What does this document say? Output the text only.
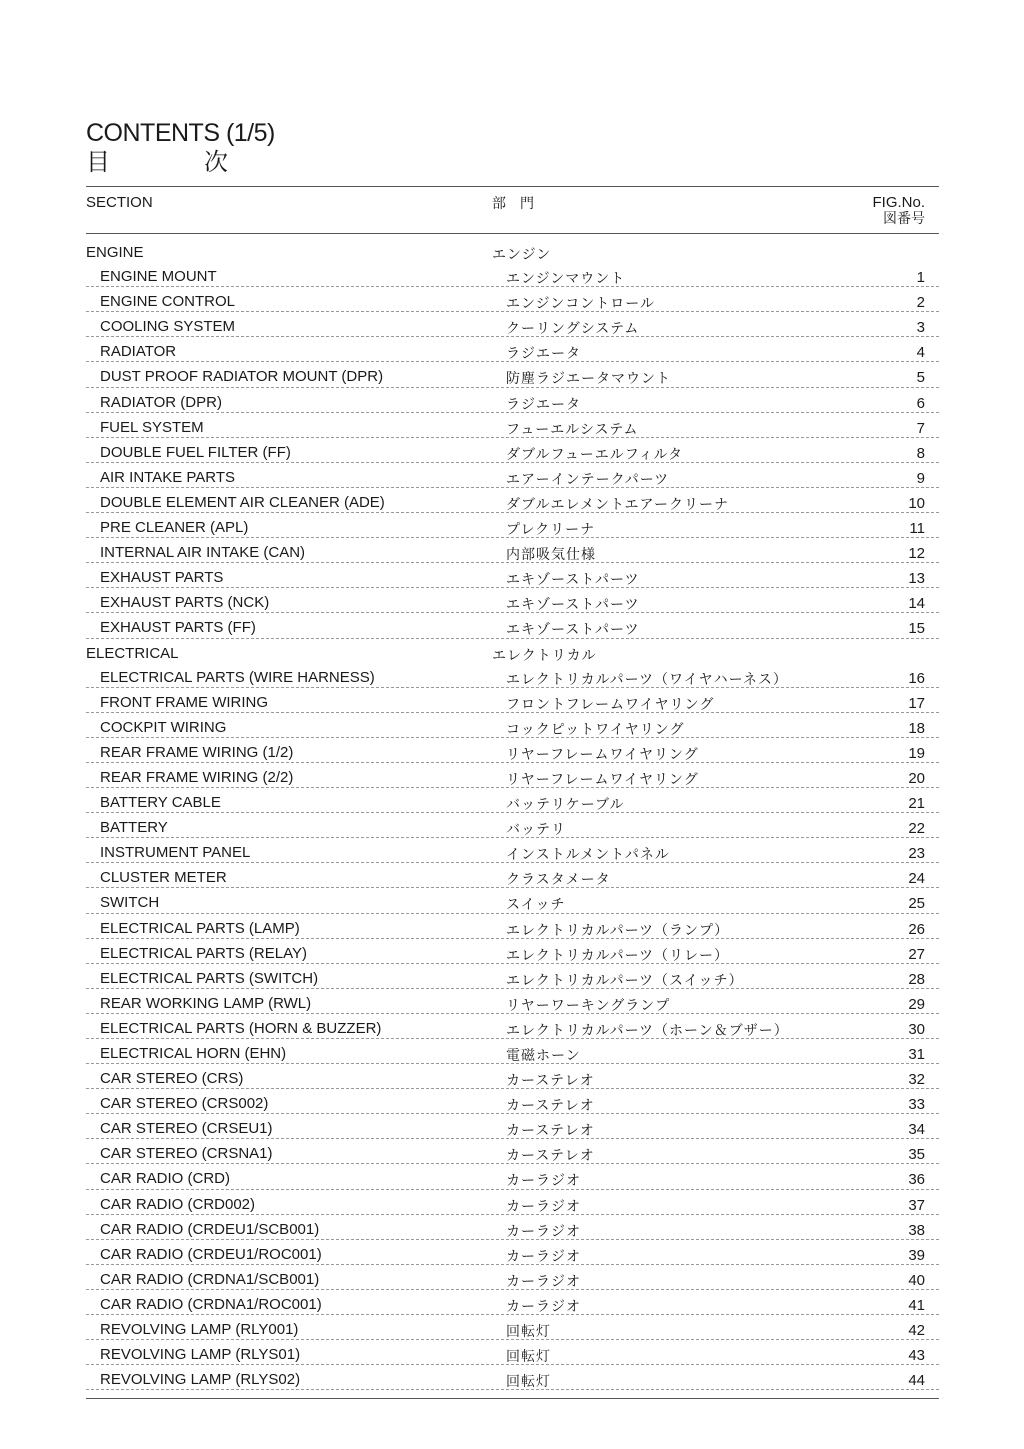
CONTENTS (1/5)

目	次

SECTION	部　門	FIG.No.
図番号
ENGINE	エンジン
ENGINE MOUNT	エンジンマウント	1
ENGINE CONTROL	エンジンコントロール	2
COOLING SYSTEM	クーリングシステム	3
RADIATOR	ラジエータ	4
DUST PROOF RADIATOR MOUNT (DPR)	防塵ラジエータマウント	5
RADIATOR (DPR)	ラジエータ	6
FUEL SYSTEM	フューエルシステム	7
DOUBLE FUEL FILTER (FF)	ダブルフューエルフィルタ	8
AIR INTAKE PARTS	エアーインテークパーツ	9
DOUBLE ELEMENT AIR CLEANER (ADE)	ダブルエレメントエアークリーナ	10
PRE CLEANER (APL)	プレクリーナ	11
INTERNAL AIR INTAKE (CAN)	内部吸気仕様	12
EXHAUST PARTS	エキゾーストパーツ	13
EXHAUST PARTS (NCK)	エキゾーストパーツ	14
EXHAUST PARTS (FF)	エキゾーストパーツ	15
ELECTRICAL	エレクトリカル
ELECTRICAL PARTS (WIRE HARNESS)	エレクトリカルパーツ（ワイヤハーネス）	16
FRONT FRAME WIRING	フロントフレームワイヤリング	17
COCKPIT WIRING	コックピットワイヤリング	18
REAR FRAME WIRING (1/2)	リヤーフレームワイヤリング	19
REAR FRAME WIRING (2/2)	リヤーフレームワイヤリング	20
BATTERY CABLE	バッテリケーブル	21
BATTERY	バッテリ	22
INSTRUMENT PANEL	インストルメントパネル	23
CLUSTER METER	クラスタメータ	24
SWITCH	スイッチ	25
ELECTRICAL PARTS (LAMP)	エレクトリカルパーツ（ランプ）	26
ELECTRICAL PARTS (RELAY)	エレクトリカルパーツ（リレー）	27
ELECTRICAL PARTS (SWITCH)	エレクトリカルパーツ（スイッチ）	28
REAR WORKING LAMP (RWL)	リヤーワーキングランプ	29
ELECTRICAL PARTS (HORN & BUZZER)	エレクトリカルパーツ（ホーン＆ブザー）	30
ELECTRICAL HORN (EHN)	電磁ホーン	31
CAR STEREO (CRS)	カーステレオ	32
CAR STEREO (CRS002)	カーステレオ	33
CAR STEREO (CRSEU1)	カーステレオ	34
CAR STEREO (CRSNA1)	カーステレオ	35
CAR RADIO (CRD)	カーラジオ	36
CAR RADIO (CRD002)	カーラジオ	37
CAR RADIO (CRDEU1/SCB001)	カーラジオ	38
CAR RADIO (CRDEU1/ROC001)	カーラジオ	39
CAR RADIO (CRDNA1/SCB001)	カーラジオ	40
CAR RADIO (CRDNA1/ROC001)	カーラジオ	41
REVOLVING LAMP (RLY001)	回転灯	42
REVOLVING LAMP (RLYS01)	回転灯	43
REVOLVING LAMP (RLYS02)	回転灯	44
